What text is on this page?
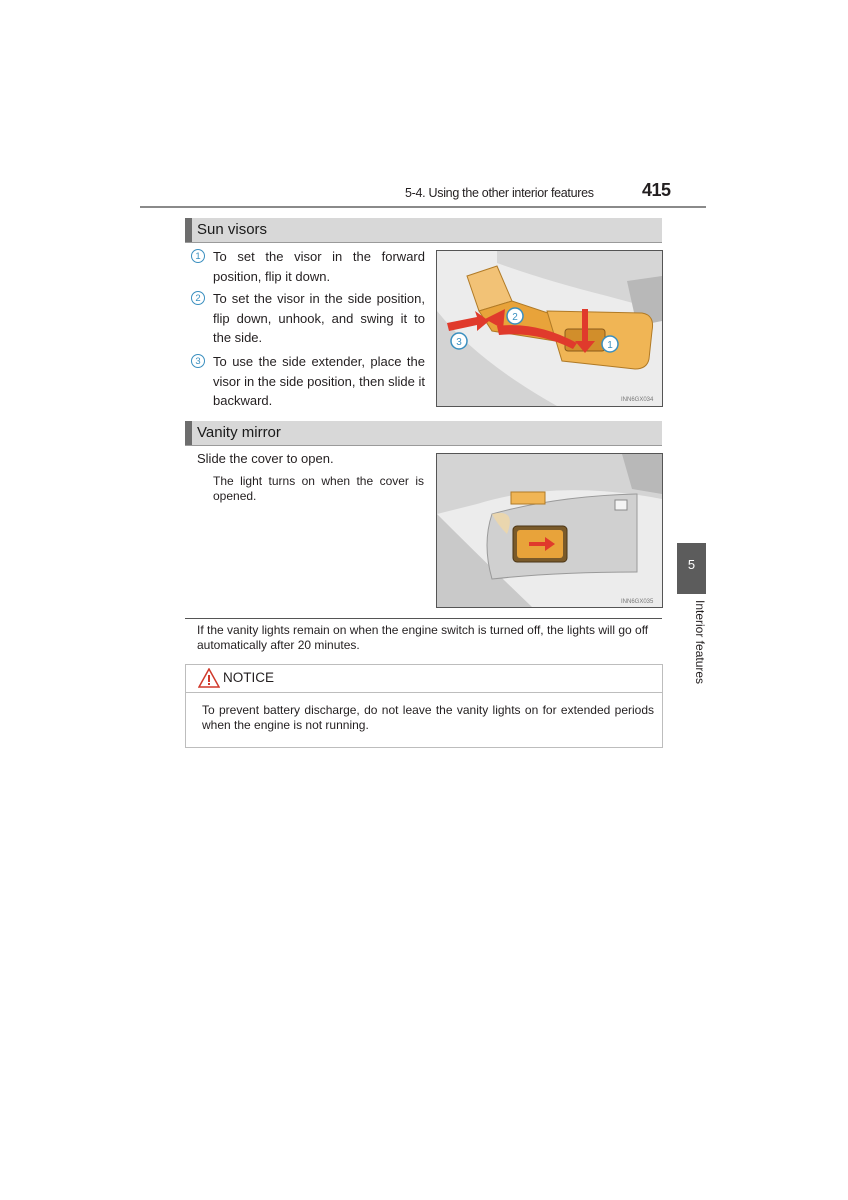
5-4. Using the other interior features	415
Sun visors
1 To set the visor in the forward position, flip it down.
2 To set the visor in the side position, flip down, unhook, and swing it to the side.
3 To use the side extender, place the visor in the side position, then slide it backward.
1
2
3
INN6GX034
Vanity mirror
Slide the cover to open.
The light turns on when the cover is opened.
INN6GX035
If the vanity lights remain on when the engine switch is turned off, the lights will go off automatically after 20 minutes.
NOTICE
To prevent battery discharge, do not leave the vanity lights on for extended periods when the engine is not running.
5
Interior features
